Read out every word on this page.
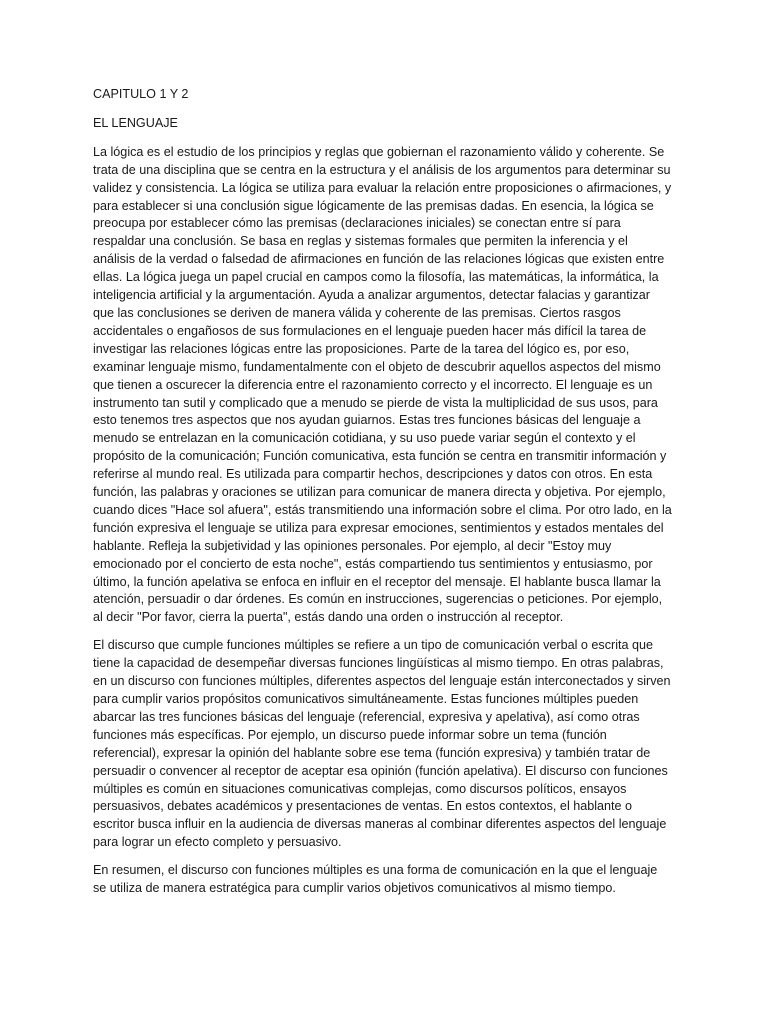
CAPITULO 1 Y 2

EL LENGUAJE

La lógica es el estudio de los principios y reglas que gobiernan el razonamiento válido y coherente. Se trata de una disciplina que se centra en la estructura y el análisis de los argumentos para determinar su validez y consistencia. La lógica se utiliza para evaluar la relación entre proposiciones o afirmaciones, y para establecer si una conclusión sigue lógicamente de las premisas dadas. En esencia, la lógica se preocupa por establecer cómo las premisas (declaraciones iniciales) se conectan entre sí para respaldar una conclusión. Se basa en reglas y sistemas formales que permiten la inferencia y el análisis de la verdad o falsedad de afirmaciones en función de las relaciones lógicas que existen entre ellas. La lógica juega un papel crucial en campos como la filosofía, las matemáticas, la informática, la inteligencia artificial y la argumentación. Ayuda a analizar argumentos, detectar falacias y garantizar que las conclusiones se deriven de manera válida y coherente de las premisas. Ciertos rasgos accidentales o engañosos de sus formulaciones en el lenguaje pueden hacer más difícil la tarea de investigar las relaciones lógicas entre las proposiciones. Parte de la tarea del lógico es, por eso, examinar lenguaje mismo, fundamentalmente con el objeto de descubrir aquellos aspectos del mismo que tienen a oscurecer la diferencia entre el razonamiento correcto y el incorrecto. El lenguaje es un instrumento tan sutil y complicado que a menudo se pierde de vista la multiplicidad de sus usos, para esto tenemos tres aspectos que nos ayudan guiarnos. Estas tres funciones básicas del lenguaje a menudo se entrelazan en la comunicación cotidiana, y su uso puede variar según el contexto y el propósito de la comunicación; Función comunicativa, esta función se centra en transmitir información y referirse al mundo real. Es utilizada para compartir hechos, descripciones y datos con otros. En esta función, las palabras y oraciones se utilizan para comunicar de manera directa y objetiva. Por ejemplo, cuando dices "Hace sol afuera", estás transmitiendo una información sobre el clima. Por otro lado, en la función expresiva el lenguaje se utiliza para expresar emociones, sentimientos y estados mentales del hablante. Refleja la subjetividad y las opiniones personales. Por ejemplo, al decir "Estoy muy emocionado por el concierto de esta noche", estás compartiendo tus sentimientos y entusiasmo, por último, la función apelativa se enfoca en influir en el receptor del mensaje. El hablante busca llamar la atención, persuadir o dar órdenes. Es común en instrucciones, sugerencias o peticiones. Por ejemplo, al decir "Por favor, cierra la puerta", estás dando una orden o instrucción al receptor.

El discurso que cumple funciones múltiples se refiere a un tipo de comunicación verbal o escrita que tiene la capacidad de desempeñar diversas funciones lingüísticas al mismo tiempo. En otras palabras, en un discurso con funciones múltiples, diferentes aspectos del lenguaje están interconectados y sirven para cumplir varios propósitos comunicativos simultáneamente. Estas funciones múltiples pueden abarcar las tres funciones básicas del lenguaje (referencial, expresiva y apelativa), así como otras funciones más específicas. Por ejemplo, un discurso puede informar sobre un tema (función referencial), expresar la opinión del hablante sobre ese tema (función expresiva) y también tratar de persuadir o convencer al receptor de aceptar esa opinión (función apelativa). El discurso con funciones múltiples es común en situaciones comunicativas complejas, como discursos políticos, ensayos persuasivos, debates académicos y presentaciones de ventas. En estos contextos, el hablante o escritor busca influir en la audiencia de diversas maneras al combinar diferentes aspectos del lenguaje para lograr un efecto completo y persuasivo.

En resumen, el discurso con funciones múltiples es una forma de comunicación en la que el lenguaje se utiliza de manera estratégica para cumplir varios objetivos comunicativos al mismo tiempo.
